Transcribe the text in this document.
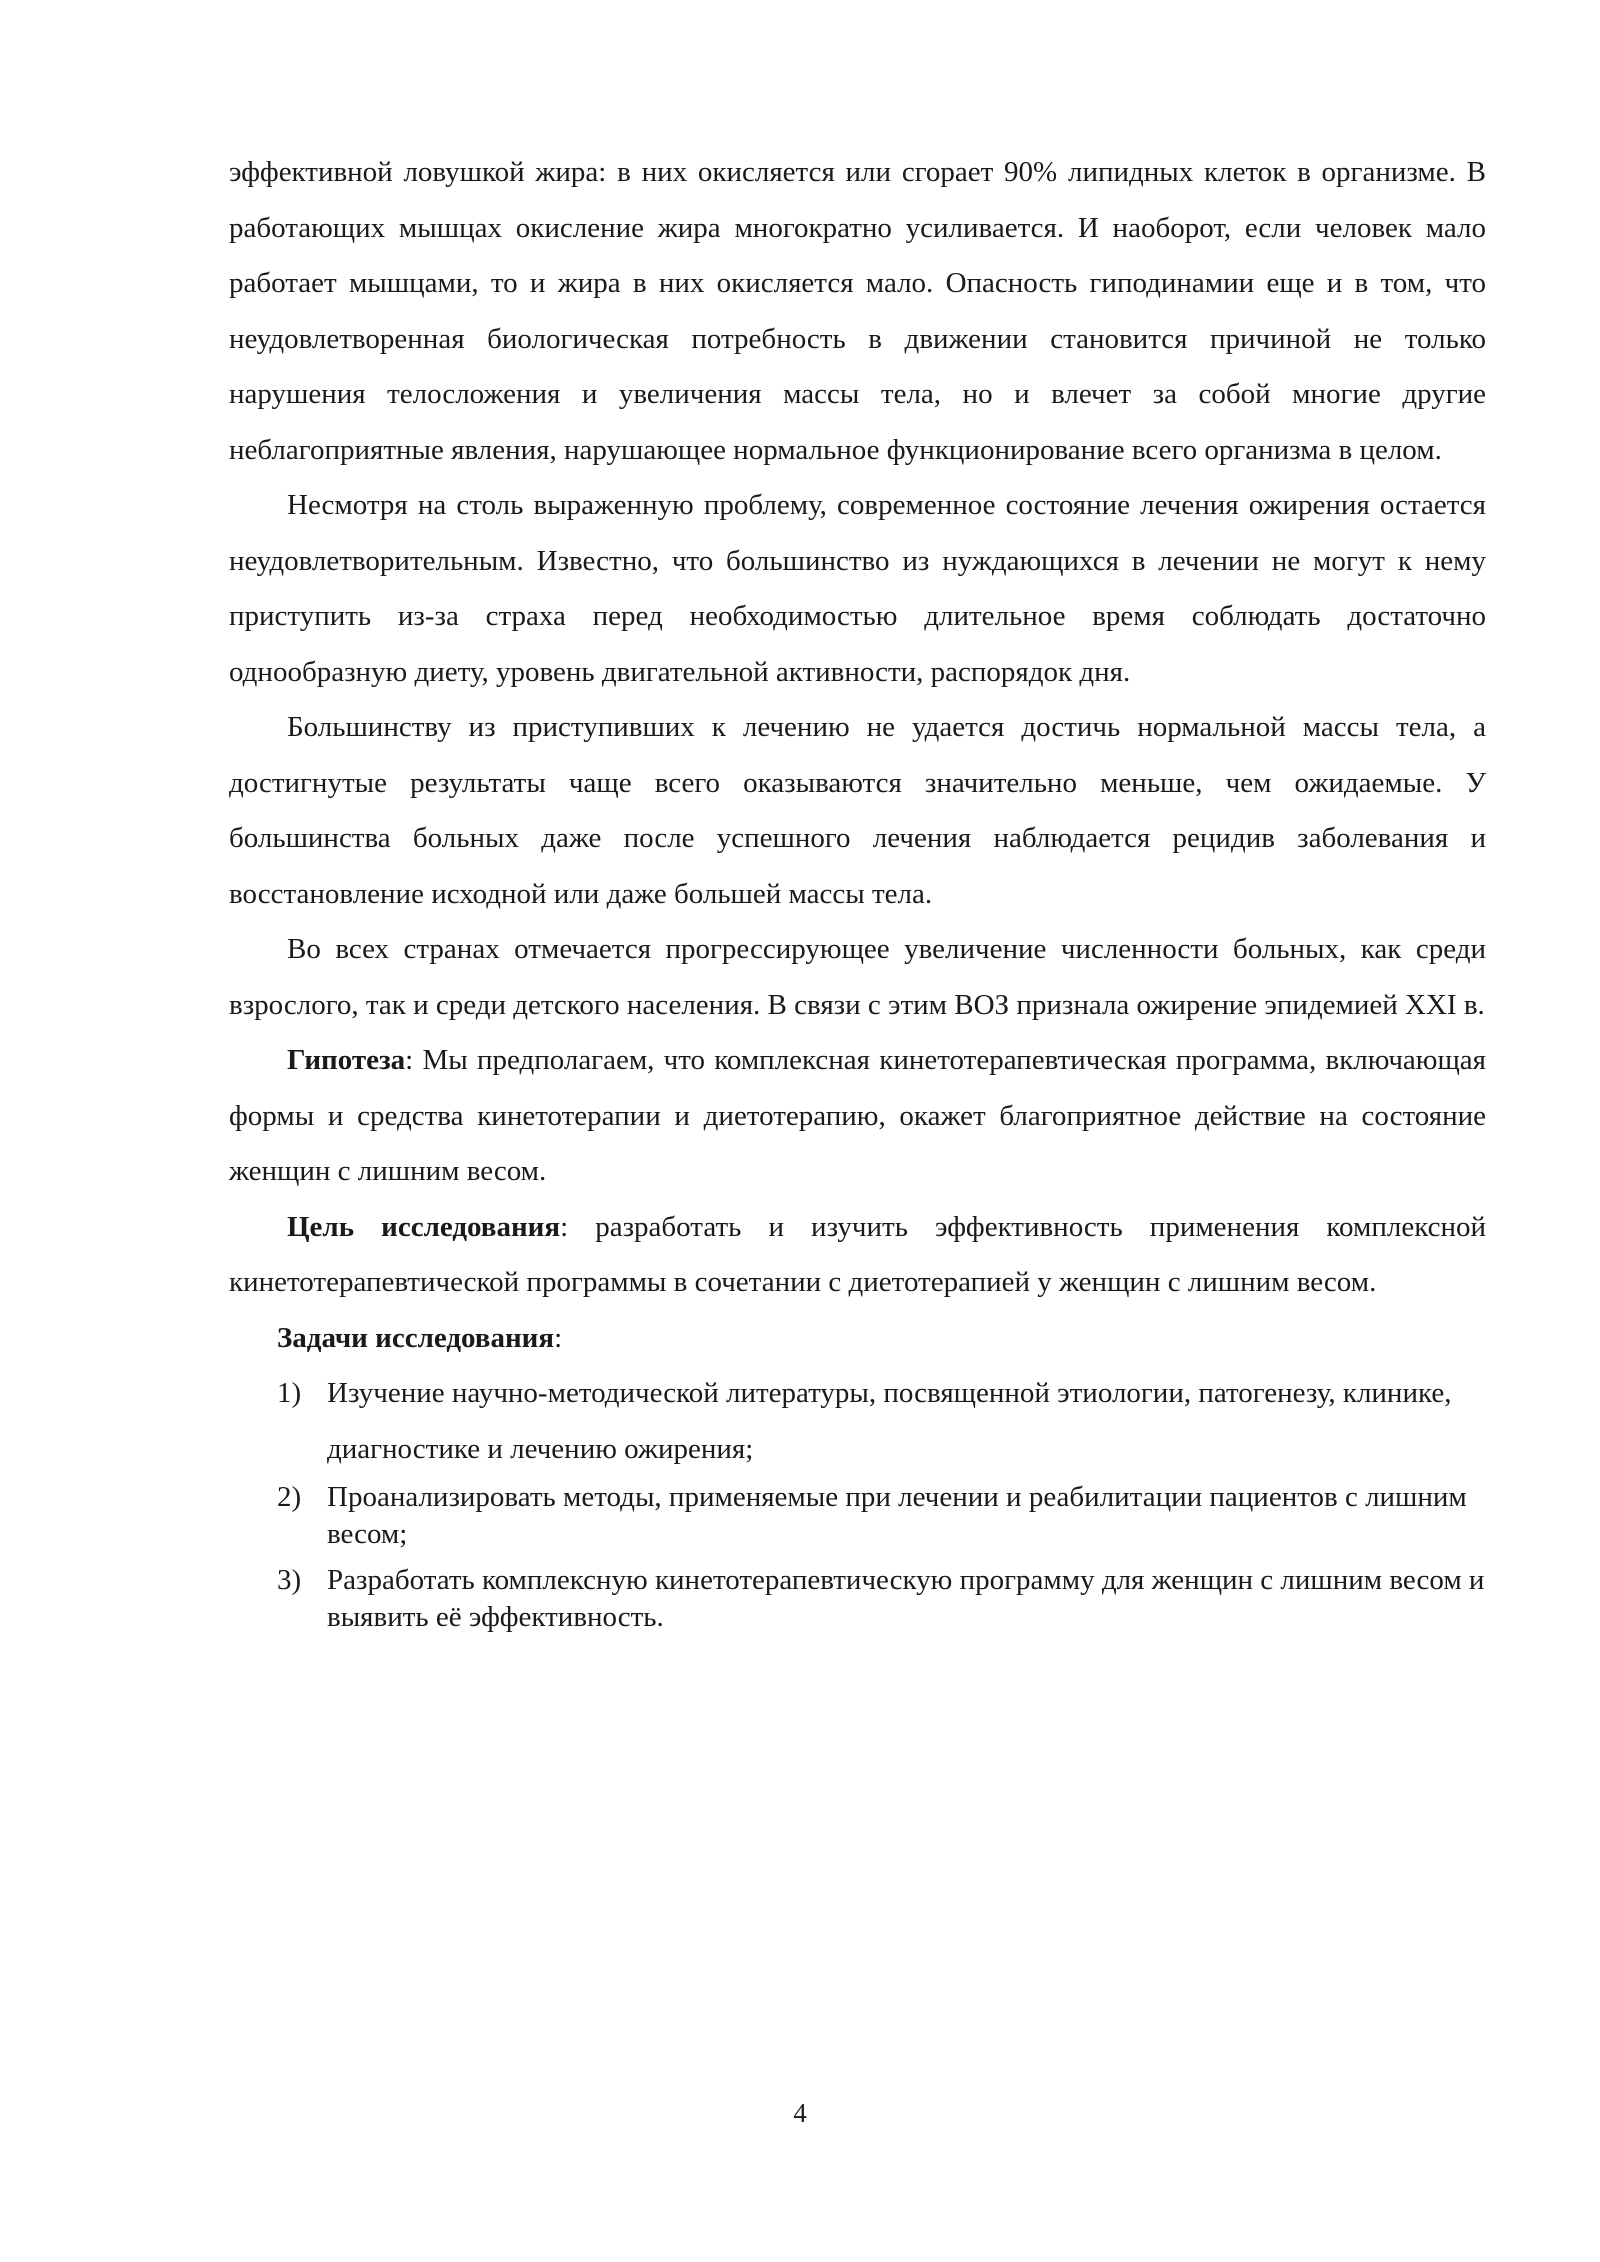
эффективной ловушкой жира: в них окисляется или сгорает 90% липидных клеток в организме. В работающих мышцах окисление жира многократно усиливается. И наоборот, если человек мало работает мышцами, то и жира в них окисляется мало. Опасность гиподинамии еще и в том, что неудовлетворенная биологическая потребность в движении становится причиной не только нарушения телосложения и увеличения массы тела, но и влечет за собой многие другие неблагоприятные явления, нарушающее нормальное функционирование всего организма в целом.

Несмотря на столь выраженную проблему, современное состояние лечения ожирения остается неудовлетворительным. Известно, что большинство из нуждающихся в лечении не могут к нему приступить из-за страха перед необходимостью длительное время соблюдать достаточно однообразную диету, уровень двигательной активности, распорядок дня.

Большинству из приступивших к лечению не удается достичь нормальной массы тела, а достигнутые результаты чаще всего оказываются значительно меньше, чем ожидаемые. У большинства больных даже после успешного лечения наблюдается рецидив заболевания и восстановление исходной или даже большей массы тела.

Во всех странах отмечается прогрессирующее увеличение численности больных, как среди взрослого, так и среди детского населения. В связи с этим ВОЗ признала ожирение эпидемией XXI в.

Гипотеза: Мы предполагаем, что комплексная кинетотерапевтическая программа, включающая формы и средства кинетотерапии и диетотерапию, окажет благоприятное действие на состояние женщин с лишним весом.

Цель исследования: разработать и изучить эффективность применения комплексной кинетотерапевтической программы в сочетании с диетотерапией у женщин с лишним весом.

Задачи исследования:

1) Изучение научно-методической литературы, посвященной этиологии, патогенезу, клинике, диагностике и лечению ожирения;
2) Проанализировать методы, применяемые при лечении и реабилитации пациентов с лишним весом;
3) Разработать комплексную кинетотерапевтическую программу для женщин с лишним весом и выявить её эффективность.
4
